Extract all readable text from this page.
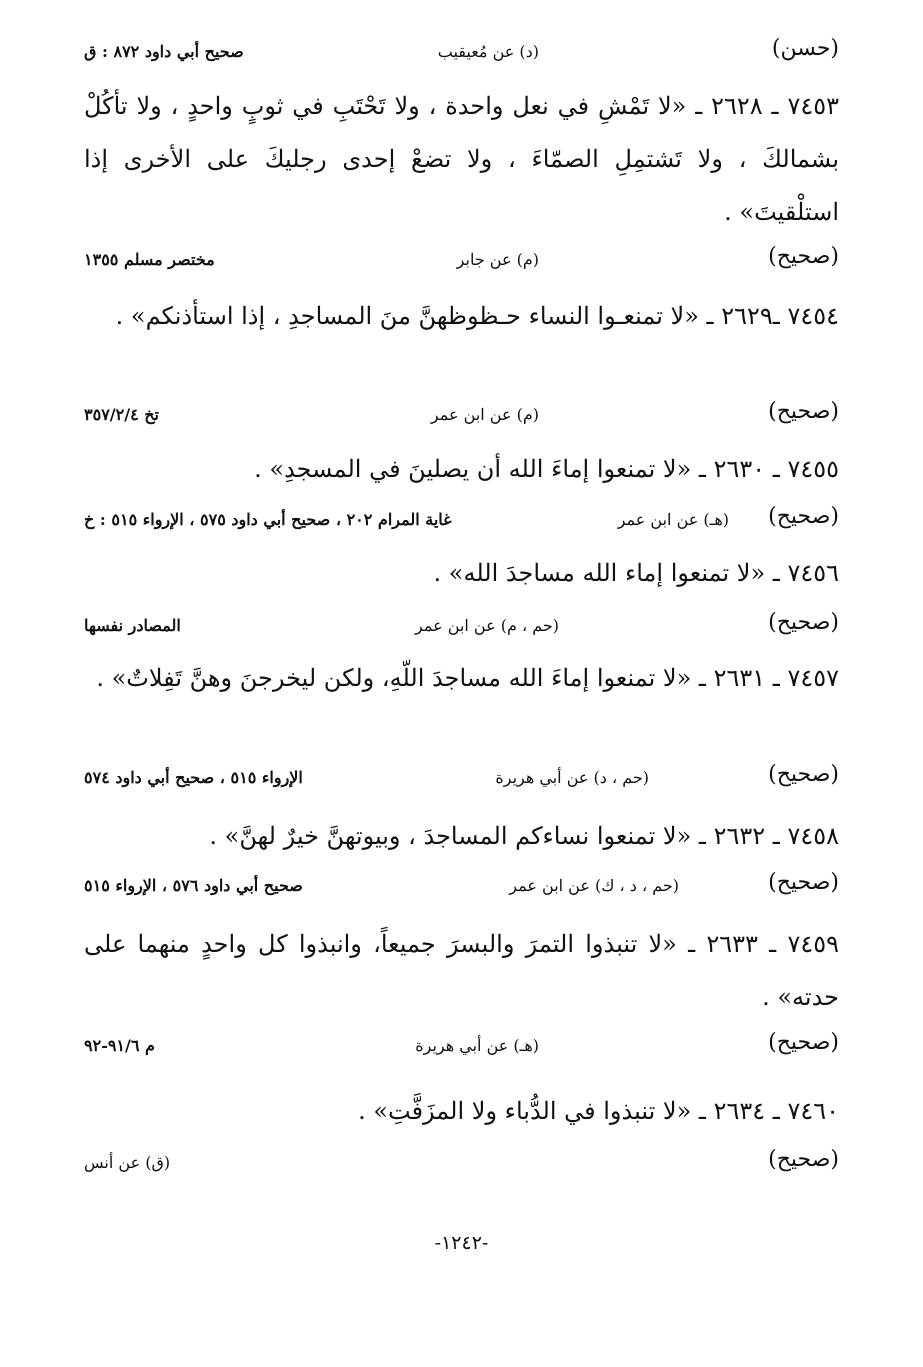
(حسن)
(د) عن مُعيقيب
صحيح أبي داود ٨٧٢ : ق
٧٤٥٣ ـ ٢٦٢٨ ـ «لا تَمْشِ في نعل واحدة ، ولا تَحْتَبِ في ثوبٍ واحدٍ ، ولا تأكُلْ بشمالكَ ، ولا تَشتمِلِ الصمّاءَ ، ولا تضعْ إحدى رجليكَ على الأخرى إذا استلْقيتَ» .
(صحيح)
(م) عن جابر
مختصر مسلم ١٣٥٥
٧٤٥٤ ـ٢٦٢٩ ـ «لا تمنعـوا النساء حـظوظهنَّ منَ المساجدِ ، إذا استأذنكم» .
(صحيح)
(م) عن ابن عمر
تخ ٣٥٧/٢/٤
٧٤٥٥ ـ ٢٦٣٠ ـ «لا تمنعوا إماءَ الله أن يصلينَ في المسجدِ» .
(صحيح)
(هـ) عن ابن عمر
غاية المرام ٢٠٢ ، صحيح أبي داود ٥٧٥ ، الإرواء ٥١٥ : خ
٧٤٥٦ ـ «لا تمنعوا إماء الله مساجدَ الله» .
(صحيح)
(حم ، م) عن ابن عمر
المصادر نفسها
٧٤٥٧ ـ ٢٦٣١ ـ «لا تمنعوا إماءَ الله مساجدَ اللّهِ، ولكن ليخرجنَ وهنَّ تَفِلاتٌ» .
(صحيح)
(حم ، د) عن أبي هريرة
الإرواء ٥١٥ ، صحيح أبي داود ٥٧٤
٧٤٥٨ ـ ٢٦٣٢ ـ «لا تمنعوا نساءكم المساجدَ ، وبيوتهنَّ خيرٌ لهنَّ» .
(صحيح)
(حم ، د ، ك) عن ابن عمر
صحيح أبي داود ٥٧٦ ، الإرواء ٥١٥
٧٤٥٩ ـ ٢٦٣٣ ـ «لا تنبذوا التمرَ والبسرَ جميعاً، وانبذوا كل واحدٍ منهما على حدته» .
(صحيح)
(هـ) عن أبي هريرة
م ٩١/٦-٩٢
٧٤٦٠ ـ ٢٦٣٤ ـ «لا تنبذوا في الدُّباء ولا المزَفَّتِ» .
(صحيح)
(ق) عن أنس
-١٢٤٢-
